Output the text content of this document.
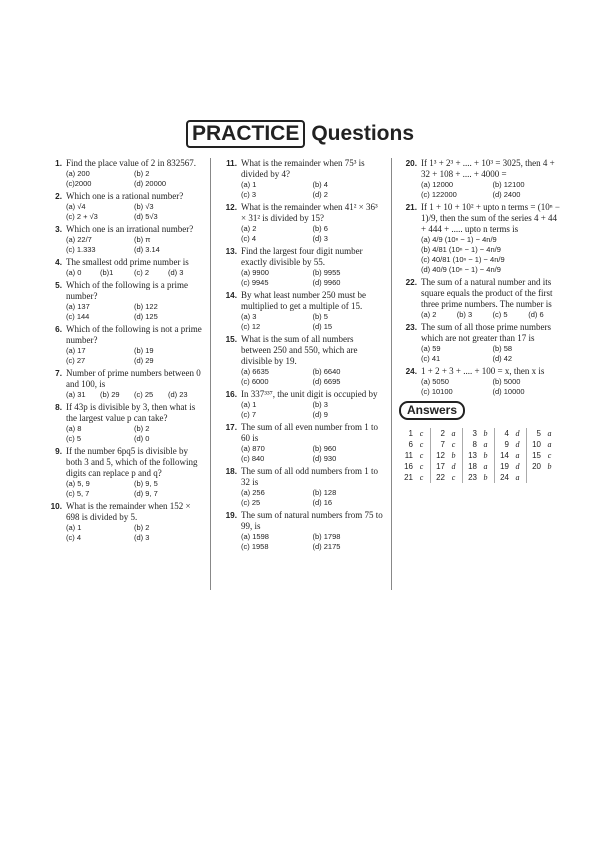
PRACTICE Questions
1. Find the place value of 2 in 832567.
(a) 200	(b) 2
(c)2000	(d) 20000
2. Which one is a rational number?
(a) √4	(b) √3
(c) 2 + √3	(d) 5√3
3. Which one is an irrational number?
(a) 22/7	(b) π
(c) 1.333	(d) 3.14
4. The smallest odd prime number is
(a) 0	(b)1	(c) 2	(d) 3
5. Which of the following is a prime number?
(a) 137	(b) 122
(c) 144	(d) 125
6. Which of the following is not a prime number?
(a) 17	(b) 19
(c) 27	(d) 29
7. Number of prime numbers between 0 and 100, is
(a) 31	(b) 29	(c) 25	(d) 23
8. If 43p is divisible by 3, then what is the largest value p can take?
(a) 8	(b) 2
(c) 5	(d) 0
9. If the number 6pq5 is divisible by both 3 and 5, which of the following digits can replace p and q?
(a) 5, 9	(b) 9, 5
(c) 5, 7	(d) 9, 7
10. What is the remainder when 152 × 698 is divided by 5.
(a) 1	(b) 2
(c) 4	(d) 3
11. What is the remainder when 75³ is divided by 4?
(a) 1	(b) 4
(c) 3	(d) 2
12. What is the remainder when 41² × 36³ × 31² is divided by 15?
(a) 2	(b) 6
(c) 4	(d) 3
13. Find the largest four digit number exactly divisible by 55.
(a) 9900	(b) 9955
(c) 9945	(d) 9960
14. By what least number 250 must be multiplied to get a multiple of 15.
(a) 3	(b) 5
(c) 12	(d) 15
15. What is the sum of all numbers between 250 and 550, which are divisible by 19.
(a) 6635	(b) 6640
(c) 6000	(d) 6695
16. In 337³³⁷, the unit digit is occupied by
(a) 1	(b) 3
(c) 7	(d) 9
17. The sum of all even number from 1 to 60 is
(a) 870	(b) 960
(c) 840	(d) 930
18. The sum of all odd numbers from 1 to 32 is
(a) 256	(b) 128
(c) 25	(d) 16
19. The sum of natural numbers from 75 to 99, is
(a) 1598	(b) 1798
(c) 1958	(d) 2175
20. If 1³ + 2³ + .... + 10³ = 3025, then 4 + 32 + 108 + .... + 4000 =
(a) 12000	(b) 12100
(c) 122000	(d) 2400
21. If 1 + 10 + 10² + upto n terms = (10ⁿ − 1)/9, then the sum of the series 4 + 44 + 444 + ..... upto n terms is
(a) 4/9 (10ⁿ − 1) − 4n/9
(b) 4/81 (10ⁿ − 1) − 4n/9
(c) 40/81 (10ⁿ − 1) − 4n/9
(d) 40/9 (10ⁿ − 1) − 4n/9
22. The sum of a natural number and its square equals the product of the first three prime numbers. The number is
(a) 2	(b) 3	(c) 5	(d) 6
23. The sum of all those prime numbers which are not greater than 17 is
(a) 59	(b) 58
(c) 41	(d) 42
24. 1 + 2 + 3 + .... + 100 = x, then x is
(a) 5050	(b) 5000
(c) 10100	(d) 10000
Answers
1	c	2	a	3	b	4	d	5	a
6	c	7	c	8	a	9	d	10	a
11	c	12	b	13	b	14	a	15	c
16	c	17	d	18	a	19	d	20	b
21	c	22	c	23	b	24	a		
